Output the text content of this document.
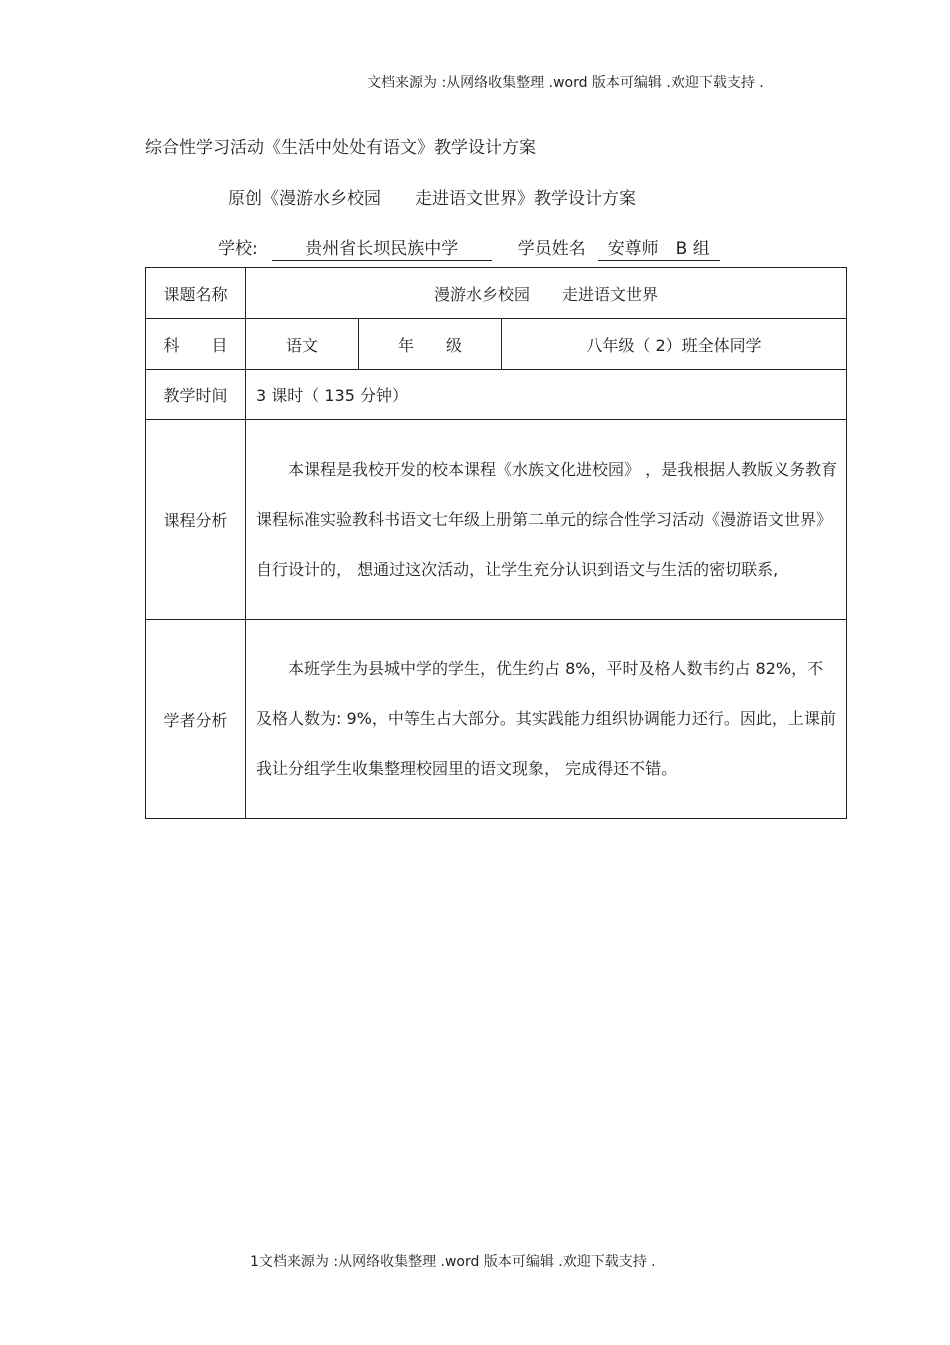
文档来源为 :从网络收集整理 .word 版本可编辑 .欢迎下载支持 .
综合性学习活动《生活中处处有语文》教学设计方案
原创《漫游水乡校园　　走进语文世界》教学设计方案
学校:	贵州省长坝民族中学	学员姓名 安尊师　B 组
课题名称	漫游水乡校园　　走进语文世界		
科　　目	语文	年　　级	八年级（ 2）班全体同学
教学时间	3 课时（ 135 分钟）		
课程分析	本课程是我校开发的校本课程《水族文化进校园》 ，是我根据人教版义务教育课程标准实验教科书语文七年级上册第二单元的综合性学习活动《漫游语文世界》自行设计的， 想通过这次活动，让学生充分认识到语文与生活的密切联系,		
学者分析	本班学生为县城中学的学生，优生约占 8%，平时及格人数韦约占 82%，不及格人数为: 9%，中等生占大部分。其实践能力组织协调能力还行。因此，上课前我让分组学生收集整理校园里的语文现象， 完成得还不错。		
1文档来源为 :从网络收集整理 .word 版本可编辑 .欢迎下载支持 .
